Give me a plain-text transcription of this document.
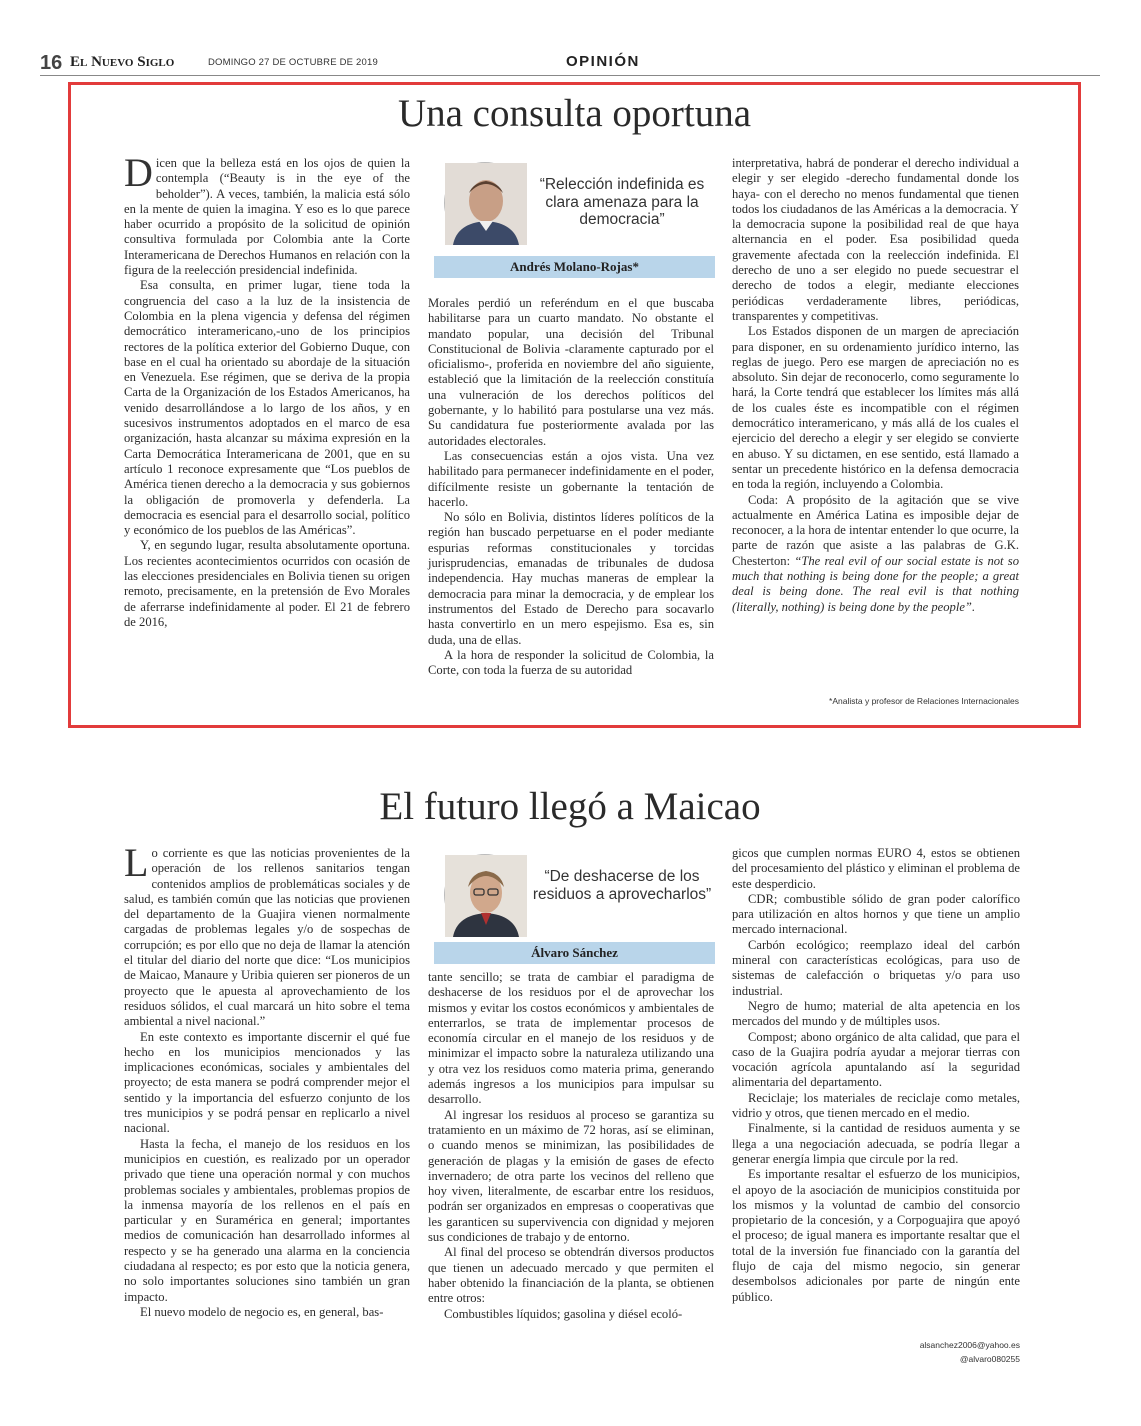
16 El Nuevo Siglo	DOMINGO 27 DE OCTUBRE DE 2019	OPINIÓN
Una consulta oportuna

Dicen que la belleza está en los ojos de quien la contempla (“Beauty is in the eye of the beholder”). A veces, también, la malicia está sólo en la mente de quien la imagina. Y eso es lo que parece haber ocurrido a propósito de la solicitud de opinión consultiva formulada por Colombia ante la Corte Interamericana de Derechos Humanos en relación con la figura de la reelección presidencial indefinida.

Esa consulta, en primer lugar, tiene toda la congruencia del caso a la luz de la insistencia de Colombia en la plena vigencia y defensa del régimen democrático interamericano,-uno de los principios rectores de la política exterior del Gobierno Duque, con base en el cual ha orientado su abordaje de la situación en Venezuela. Ese régimen, que se deriva de la propia Carta de la Organización de los Estados Americanos, ha venido desarrollándose a lo largo de los años, y en sucesivos instrumentos adoptados en el marco de esa organización, hasta alcanzar su máxima expresión en la Carta Democrática Interamericana de 2001, que en su artículo 1 reconoce expresamente que “Los pueblos de América tienen derecho a la democracia y sus gobiernos la obligación de promoverla y defenderla. La democracia es esencial para el desarrollo social, político y económico de los pueblos de las Américas”.

Y, en segundo lugar, resulta absolutamente oportuna. Los recientes acontecimientos ocurridos con ocasión de las elecciones presidenciales en Bolivia tienen su origen remoto, precisamente, en la pretensión de Evo Morales de aferrarse indefinidamente al poder. El 21 de febrero de 2016,

“Relección indefinida es clara amenaza para la democracia”
Andrés Molano-Rojas*

Morales perdió un referéndum en el que buscaba habilitarse para un cuarto mandato. No obstante el mandato popular, una decisión del Tribunal Constitucional de Bolivia -claramente capturado por el oficialismo-, proferida en noviembre del año siguiente, estableció que la limitación de la reelección constituía una vulneración de los derechos políticos del gobernante, y lo habilitó para postularse una vez más. Su candidatura fue posteriormente avalada por las autoridades electorales.

Las consecuencias están a ojos vista. Una vez habilitado para permanecer indefinidamente en el poder, difícilmente resiste un gobernante la tentación de hacerlo.

No sólo en Bolivia, distintos líderes políticos de la región han buscado perpetuarse en el poder mediante espurias reformas constitucionales y torcidas jurisprudencias, emanadas de tribunales de dudosa independencia. Hay muchas maneras de emplear la democracia para minar la democracia, y de emplear los instrumentos del Estado de Derecho para socavarlo hasta convertirlo en un mero espejismo. Esa es, sin duda, una de ellas.

A la hora de responder la solicitud de Colombia, la Corte, con toda la fuerza de su autoridad

interpretativa, habrá de ponderar el derecho individual a elegir y ser elegido -derecho fundamental donde los haya- con el derecho no menos fundamental que tienen todos los ciudadanos de las Américas a la democracia. Y la democracia supone la posibilidad real de que haya alternancia en el poder. Esa posibilidad queda gravemente afectada con la reelección indefinida. El derecho de uno a ser elegido no puede secuestrar el derecho de todos a elegir, mediante elecciones periódicas verdaderamente libres, periódicas, transparentes y competitivas.

Los Estados disponen de un margen de apreciación para disponer, en su ordenamiento jurídico interno, las reglas de juego. Pero ese margen de apreciación no es absoluto. Sin dejar de reconocerlo, como seguramente lo hará, la Corte tendrá que establecer los límites más allá de los cuales éste es incompatible con el régimen democrático interamericano, y más allá de los cuales el ejercicio del derecho a elegir y ser elegido se convierte en abuso. Y su dictamen, en ese sentido, está llamado a sentar un precedente histórico en la defensa democracia en toda la región, incluyendo a Colombia.

Coda: A propósito de la agitación que se vive actualmente en América Latina es imposible dejar de reconocer, a la hora de intentar entender lo que ocurre, la parte de razón que asiste a las palabras de G.K. Chesterton: “The real evil of our social estate is not so much that nothing is being done for the people; a great deal is being done. The real evil is that nothing (literally, nothing) is being done by the people”.

*Analista y profesor de Relaciones Internacionales
El futuro llegó a Maicao

Lo corriente es que las noticias provenientes de la operación de los rellenos sanitarios tengan contenidos amplios de problemáticas sociales y de salud, es también común que las noticias que provienen del departamento de la Guajira vienen normalmente cargadas de problemas legales y/o de sospechas de corrupción; es por ello que no deja de llamar la atención el titular del diario del norte que dice: “Los municipios de Maicao, Manaure y Uribia quieren ser pioneros de un proyecto que le apuesta al aprovechamiento de los residuos sólidos, el cual marcará un hito sobre el tema ambiental a nivel nacional.”

En este contexto es importante discernir el qué fue hecho en los municipios mencionados y las implicaciones económicas, sociales y ambientales del proyecto; de esta manera se podrá comprender mejor el sentido y la importancia del esfuerzo conjunto de los tres municipios y se podrá pensar en replicarlo a nivel nacional.

Hasta la fecha, el manejo de los residuos en los municipios en cuestión, es realizado por un operador privado que tiene una operación normal y con muchos problemas sociales y ambientales, problemas propios de la inmensa mayoría de los rellenos en el país en particular y en Suramérica en general; importantes medios de comunicación han desarrollado informes al respecto y se ha generado una alarma en la conciencia ciudadana al respecto; es por esto que la noticia genera, no solo importantes soluciones sino también un gran impacto.

El nuevo modelo de negocio es, en general, bas-

“De deshacerse de los residuos a aprovecharlos”
Álvaro Sánchez

tante sencillo; se trata de cambiar el paradigma de deshacerse de los residuos por el de aprovechar los mismos y evitar los costos económicos y ambientales de enterrarlos, se trata de implementar procesos de economía circular en el manejo de los residuos y de minimizar el impacto sobre la naturaleza utilizando una y otra vez los residuos como materia prima, generando además ingresos a los municipios para impulsar su desarrollo.

Al ingresar los residuos al proceso se garantiza su tratamiento en un máximo de 72 horas, así se eliminan, o cuando menos se minimizan, las posibilidades de generación de plagas y la emisión de gases de efecto invernadero; de otra parte los vecinos del relleno que hoy viven, literalmente, de escarbar entre los residuos, podrán ser organizados en empresas o cooperativas que les garanticen su supervivencia con dignidad y mejoren sus condiciones de trabajo y de entorno.

Al final del proceso se obtendrán diversos productos que tienen un adecuado mercado y que permiten el haber obtenido la financiación de la planta, se obtienen entre otros:

Combustibles líquidos; gasolina y diésel ecoló-

gicos que cumplen normas EURO 4, estos se obtienen del procesamiento del plástico y eliminan el problema de este desperdicio.

CDR; combustible sólido de gran poder calorífico para utilización en altos hornos y que tiene un amplio mercado internacional.

Carbón ecológico; reemplazo ideal del carbón mineral con características ecológicas, para uso de sistemas de calefacción o briquetas y/o para uso industrial.

Negro de humo; material de alta apetencia en los mercados del mundo y de múltiples usos.

Compost; abono orgánico de alta calidad, que para el caso de la Guajira podría ayudar a mejorar tierras con vocación agrícola apuntalando así la seguridad alimentaria del departamento.

Reciclaje; los materiales de reciclaje como metales, vidrio y otros, que tienen mercado en el medio.

Finalmente, si la cantidad de residuos aumenta y se llega a una negociación adecuada, se podría llegar a generar energía limpia que circule por la red.

Es importante resaltar el esfuerzo de los municipios, el apoyo de la asociación de municipios constituida por los mismos y la voluntad de cambio del consorcio propietario de la concesión, y a Corpoguajira que apoyó el proceso; de igual manera es importante resaltar que el total de la inversión fue financiado con la garantía del flujo de caja del mismo negocio, sin generar desembolsos adicionales por parte de ningún ente público.

alsanchez2006@yahoo.es
@alvaro080255
